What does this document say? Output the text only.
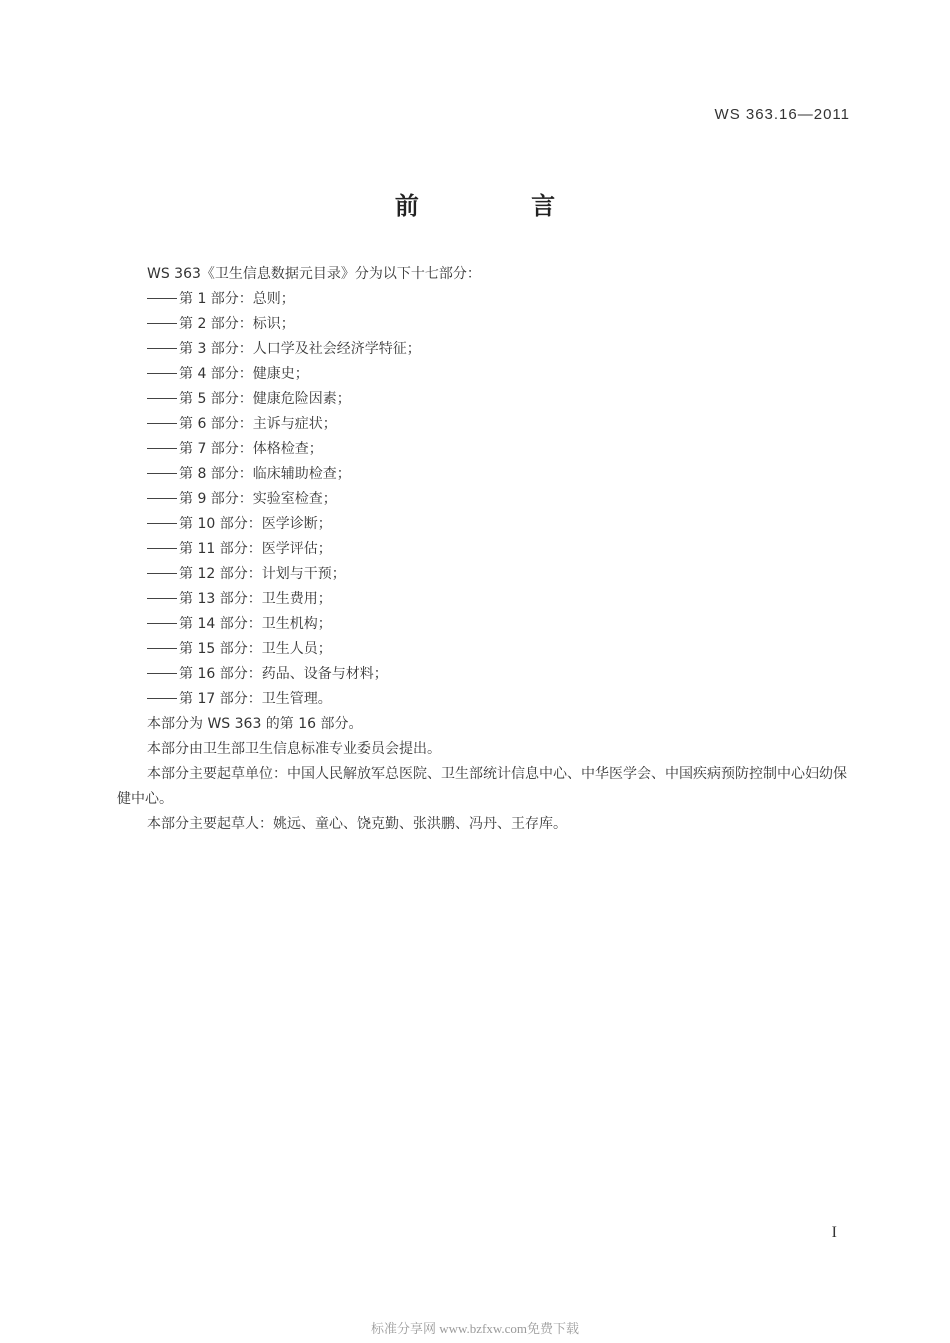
WS 363.16—2011
前 言

WS 363《卫生信息数据元目录》分为以下十七部分：

第 1 部分：总则；
第 2 部分：标识；
第 3 部分：人口学及社会经济学特征；
第 4 部分：健康史；
第 5 部分：健康危险因素；
第 6 部分：主诉与症状；
第 7 部分：体格检查；
第 8 部分：临床辅助检查；
第 9 部分：实验室检查；
第 10 部分：医学诊断；
第 11 部分：医学评估；
第 12 部分：计划与干预；
第 13 部分：卫生费用；
第 14 部分：卫生机构；
第 15 部分：卫生人员；
第 16 部分：药品、设备与材料；
第 17 部分：卫生管理。

本部分为 WS 363 的第 16 部分。

本部分由卫生部卫生信息标准专业委员会提出。

本部分主要起草单位：中国人民解放军总医院、卫生部统计信息中心、中华医学会、中国疾病预防控制中心妇幼保健中心。

本部分主要起草人：姚远、童心、饶克勤、张洪鹏、冯丹、王存库。

I
标准分享网 www.bzfxw.com免费下载
